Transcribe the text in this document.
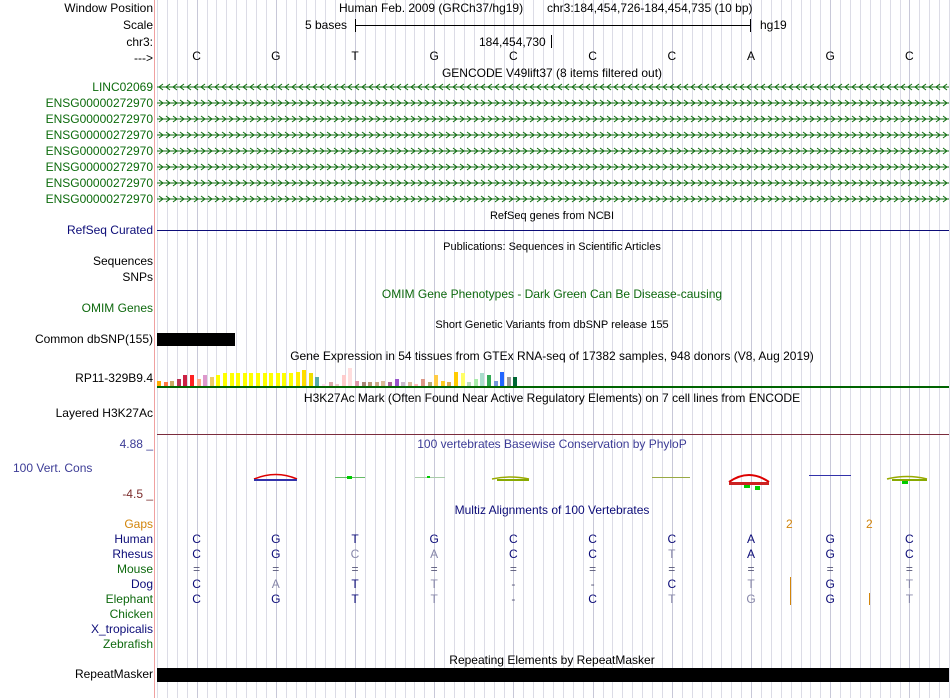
Window Position	Human Feb. 2009 (GRCh37/hg19) chr3:184,454,726-184,454,735 (10 bp)
Scale	5 bases	hg19
chr3:	184,454,730
--->	C	G	T	G	C	C	C	A	G	C
GENCODE V49lift37 (8 items filtered out)
LINC02069
ENSG00000272970
ENSG00000272970
ENSG00000272970
ENSG00000272970
ENSG00000272970
ENSG00000272970
ENSG00000272970
RefSeq genes from NCBI
RefSeq Curated
Publications: Sequences in Scientific Articles
Sequences
SNPs
OMIM Gene Phenotypes - Dark Green Can Be Disease-causing
OMIM Genes
Short Genetic Variants from dbSNP release 155
Common dbSNP(155)
Gene Expression in 54 tissues from GTEx RNA-seq of 17382 samples, 948 donors (V8, Aug 2019)
RP11-329B9.4
H3K27Ac Mark (Often Found Near Active Regulatory Elements) on 7 cell lines from ENCODE
Layered H3K27Ac
100 vertebrates Basewise Conservation by PhyloP
4.88 _
100 Vert. Cons
-4.5 _
Multiz Alignments of 100 Vertebrates
Gaps	2	2
Human	C	G	T	G	C	C	C	A	G	C
Rhesus	C	G	C	A	C	C	T	A	G	C
Mouse	=	=	=	=	=	=	=	=	=	=
Dog	C	A	T	T	-	-	C	T	G	T
Elephant	C	G	T	T	-	C	T	G	G	T
Chicken
X_tropicalis
Zebrafish
Repeating Elements by RepeatMasker
RepeatMasker
